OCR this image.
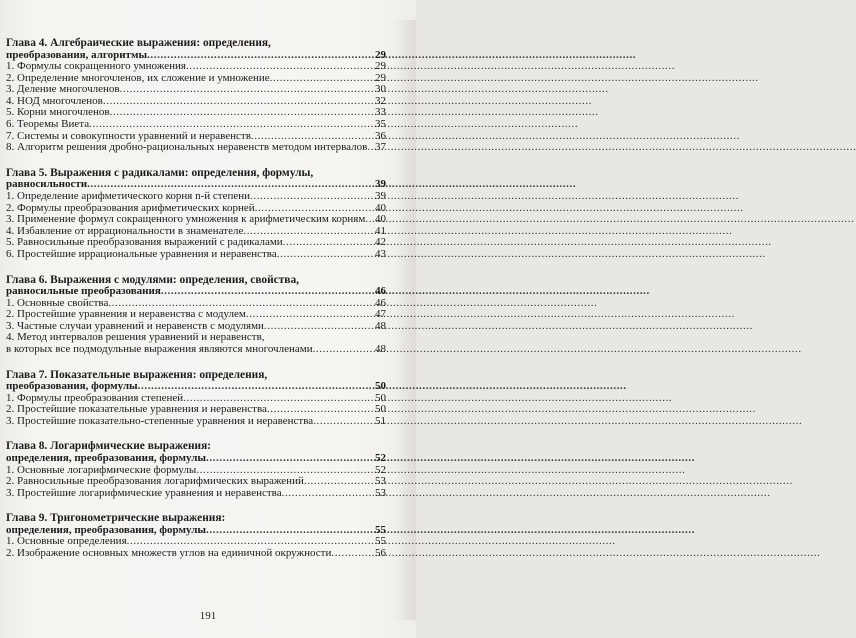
Глава 4. Алгебраические выражения: определения,
преобразования, алгоритмы .....	29
1. Формулы сокращенного умножения .....	29
2. Определение многочленов, их сложение и умножение .....	29
3. Деление многочленов .....	30
4. НОД многочленов .....	32
5. Корни многочленов .....	33
6. Теоремы Виета .....	35
7. Системы и совокупности уравнений и неравенств .....	36
8. Алгоритм решения дробно-рациональных неравенств методом интервалов ..... 37
Глава 5. Выражения с радикалами: определения, формулы,
равносильности .....	39
1. Определение арифметического корня n-й степени .....	39
2. Формулы преобразования арифметических корней .....	40
3. Применение формул сокращенного умножения к арифметическим корням ..... 40
4. Избавление от иррациональности в знаменателе .....	41
5. Равносильные преобразования выражений с радикалами .....	42
6. Простейшие иррациональные уравнения и неравенства .....	43
Глава 6. Выражения с модулями: определения, свойства,
равносильные преобразования .....	46
1. Основные свойства .....	46
2. Простейшие уравнения и неравенства с модулем .....	47
3. Частные случаи уравнений и неравенств с модулями .....	48
4. Метод интервалов решения уравнений и неравенств,
в которых все подмодульные выражения являются многочленами .....	48
Глава 7. Показательные выражения: определения,
преобразования, формулы .....	50
1. Формулы преобразования степеней .....	50
2. Простейшие показательные уравнения и неравенства .....	50
3. Простейшие показательно-степенные уравнения и неравенства .....	51
Глава 8. Логарифмические выражения:
определения, преобразования, формулы .....	52
1. Основные логарифмические формулы .....	52
2. Равносильные преобразования логарифмических выражений .....	53
3. Простейшие логарифмические уравнения и неравенства .....	53
Глава 9. Тригонометрические выражения:
определения, преобразования, формулы .....	55
1. Основные определения .....	55
2. Изображение основных множеств углов на единичной окружности .....	56
191
